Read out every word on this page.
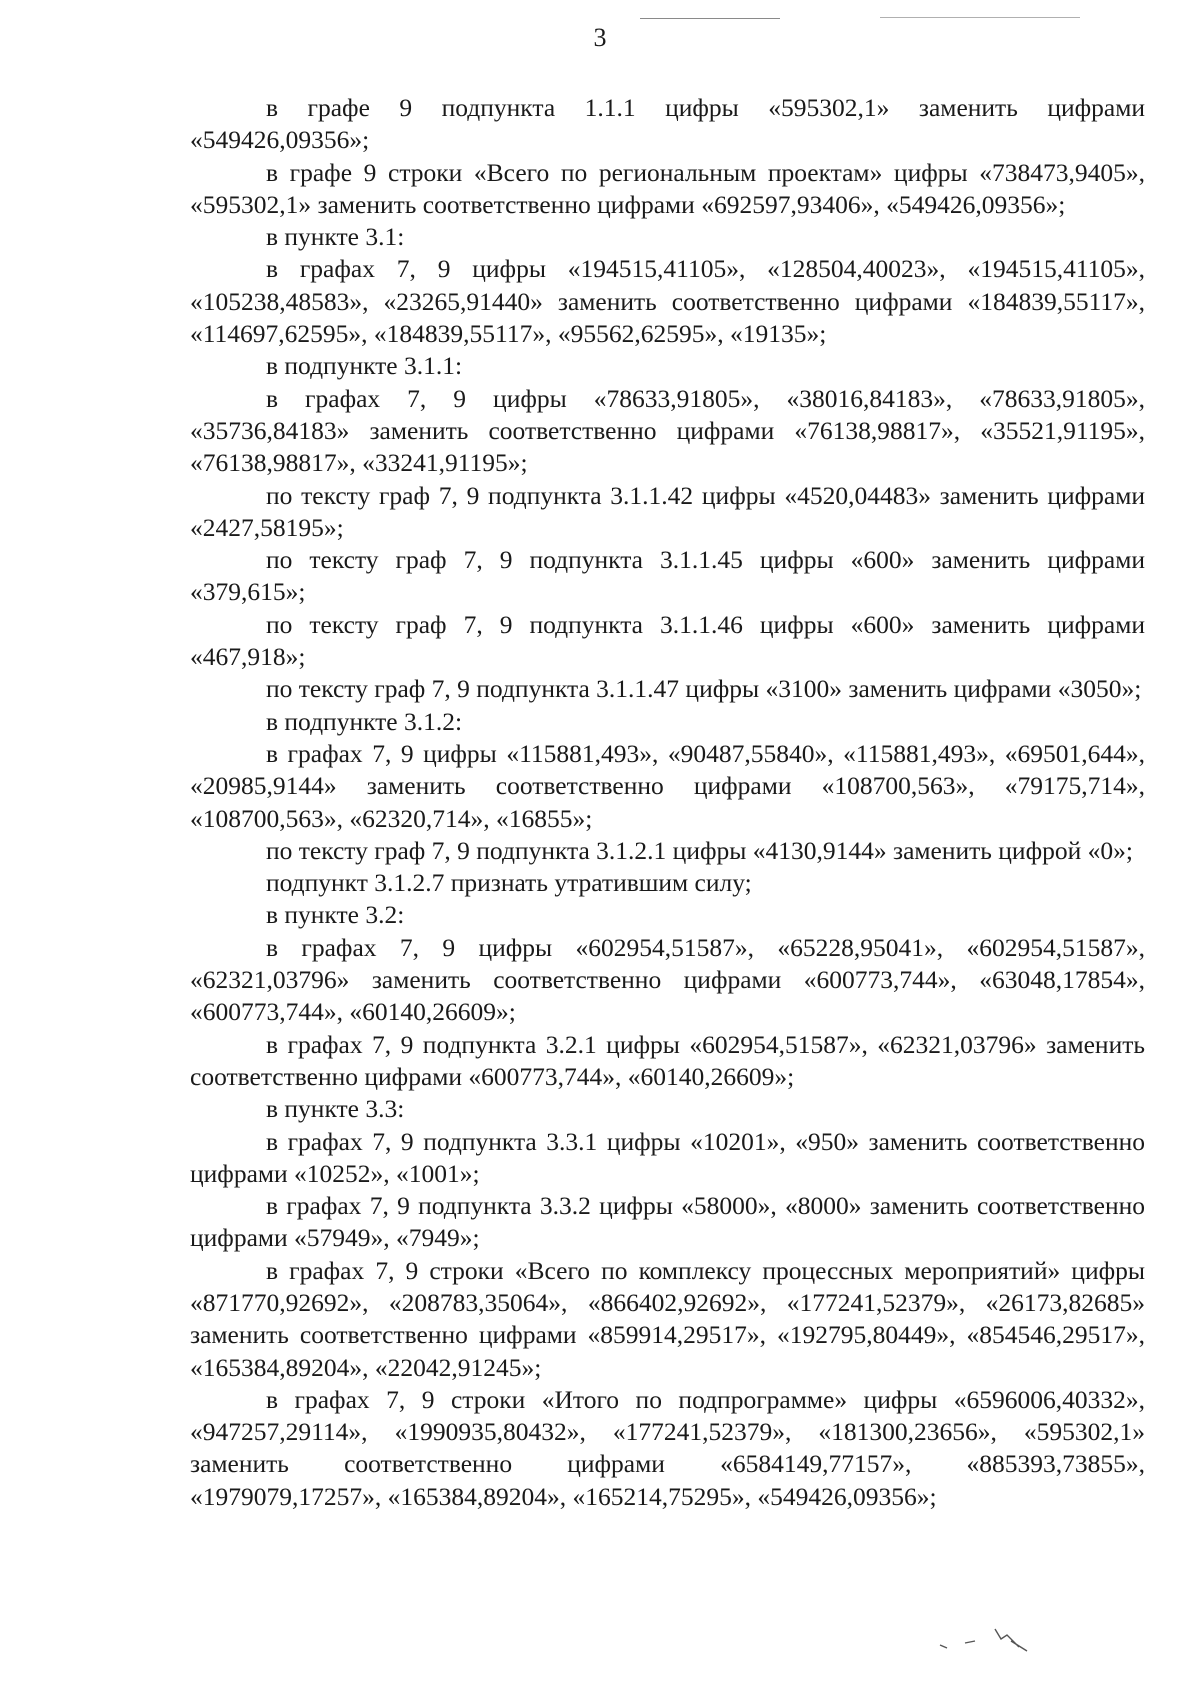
3

в графе 9 подпункта 1.1.1 цифры «595302,1» заменить цифрами «549426,09356»;

в графе 9 строки «Всего по региональным проектам» цифры «738473,9405», «595302,1» заменить соответственно цифрами «692597,93406», «549426,09356»;

в пункте 3.1:

в графах 7, 9 цифры «194515,41105», «128504,40023», «194515,41105», «105238,48583», «23265,91440» заменить соответственно цифрами «184839,55117», «114697,62595», «184839,55117», «95562,62595», «19135»;

в подпункте 3.1.1:

в графах 7, 9 цифры «78633,91805», «38016,84183», «78633,91805», «35736,84183» заменить соответственно цифрами «76138,98817», «35521,91195», «76138,98817», «33241,91195»;

по тексту граф 7, 9 подпункта 3.1.1.42 цифры «4520,04483» заменить цифрами «2427,58195»;

по тексту граф 7, 9 подпункта 3.1.1.45 цифры «600» заменить цифрами «379,615»;

по тексту граф 7, 9 подпункта 3.1.1.46 цифры «600» заменить цифрами «467,918»;

по тексту граф 7, 9 подпункта 3.1.1.47 цифры «3100» заменить цифрами «3050»;

в подпункте 3.1.2:

в графах 7, 9 цифры «115881,493», «90487,55840», «115881,493», «69501,644», «20985,9144» заменить соответственно цифрами «108700,563», «79175,714», «108700,563», «62320,714», «16855»;

по тексту граф 7, 9 подпункта 3.1.2.1 цифры «4130,9144» заменить цифрой «0»;

подпункт 3.1.2.7 признать утратившим силу;

в пункте 3.2:

в графах 7, 9 цифры «602954,51587», «65228,95041», «602954,51587», «62321,03796» заменить соответственно цифрами «600773,744», «63048,17854», «600773,744», «60140,26609»;

в графах 7, 9 подпункта 3.2.1 цифры «602954,51587», «62321,03796» заменить соответственно цифрами «600773,744», «60140,26609»;

в пункте 3.3:

в графах 7, 9 подпункта 3.3.1 цифры «10201», «950» заменить соответственно цифрами «10252», «1001»;

в графах 7, 9 подпункта 3.3.2 цифры «58000», «8000» заменить соответственно цифрами «57949», «7949»;

в графах 7, 9 строки «Всего по комплексу процессных мероприятий» цифры «871770,92692», «208783,35064», «866402,92692», «177241,52379», «26173,82685» заменить соответственно цифрами «859914,29517», «192795,80449», «854546,29517», «165384,89204», «22042,91245»;

в графах 7, 9 строки «Итого по подпрограмме» цифры «6596006,40332», «947257,29114», «1990935,80432», «177241,52379», «181300,23656», «595302,1» заменить соответственно цифрами «6584149,77157», «885393,73855», «1979079,17257», «165384,89204», «165214,75295», «549426,09356»;
